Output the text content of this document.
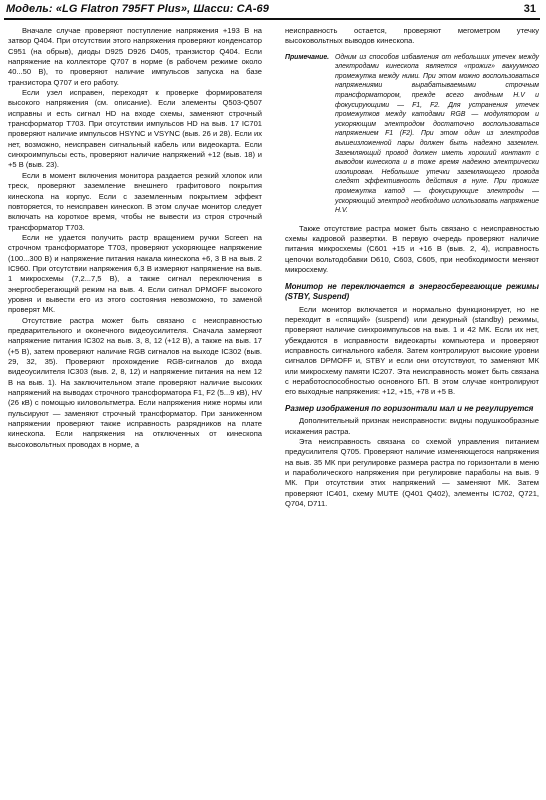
Модель: «LG Flatron 795FT Plus», Шасси: CA-69	31

Вначале случае проверяют поступление напряжения +193 В на затвор Q404. При отсутствии этого напряжения проверяют конденсатор C951 (на обрыв), диоды D925 D926 D405, транзистор Q404. Если напряжение на коллекторе Q707 в норме (в рабочем режиме около 40...50 В), то проверяют наличие импульсов запуска на базе транзистора Q707 и его работу.

Если узел исправен, переходят к проверке формирователя высокого напряжения (см. описание). Если элементы Q503-Q507 исправны и есть сигнал HD на входе схемы, заменяют строчный трансформатор T703. При отсутствии импульсов HD на выв. 17 IC701 проверяют наличие импульсов HSYNC и VSYNC (выв. 26 и 28). Если их нет, возможно, неисправен сигнальный кабель или видеокарта. Если синхроимпульсы есть, проверяют наличие напряжений +12 (выв. 18) и +5 В (выв. 23).

Если в момент включения монитора раздается резкий хлопок или треск, проверяют заземление внешнего графитового покрытия кинескопа на корпус. Если с заземленным покрытием эффект повторяется, то неисправен кинескоп. В этом случае монитор следует включать на короткое время, чтобы не вывести из строя строчный трансформатор T703.

Если не удается получить растр вращением ручки Screen на строчном трансформаторе T703, проверяют ускоряющее напряжение (100...300 В) и напряжение питания накала кинескопа +6, 3 В на выв. 2 IC960. При отсутствии напряжения 6,3 В измеряют напряжение на выв. 1 микросхемы (7,2...7,5 В), а также сигнал переключения в энергосберегающий режим на выв. 4. Если сигнал DPMOFF высокого уровня и вывести его из этого состояния невозможно, то заменой проверят МК.

Отсутствие растра может быть связано с неисправностью предварительного и оконечного видеоусилителя. Сначала замеряют напряжение питания IC302 на выв. 3, 8, 12 (+12 В), а также на выв. 17 (+5 В), затем проверяют наличие RGB сигналов на выходе IC302 (выв. 29, 32, 35). Проверяют прохождение RGB-сигналов до входа видеоусилителя IC303 (выв. 2, 8, 12) и напряжение питания на нем 12 В на выв. 1). На заключительном этапе проверяют наличие высоких напряжений на выводах строчного трансформатора F1, F2 (5...9 кВ), HV (26 кВ) с помощью киловольтметра. Если напряжения ниже нормы или пульсируют — заменяют строчный трансформатор. При заниженном напряжении проверяют также исправность разрядников на плате кинескопа. Если напряжения на отключенных от кинескопа высоковольтных проводах в норме, а

неисправность остается, проверяют мегометром утечку высоковольтных выводов кинескопа.

Примечание. Одним из способов избавления от небольших утечек между электродами кинескопа является «прожиг» вакуумного промежутка между ними. При этом можно воспользоваться напряжениями вырабатываемыми строчным трансформатором, прежде всего анодным H.V и фокусирующими — F1, F2. Для устранения утечек промежутков между катодами RGB — модулятором и ускоряющим электродом достаточно воспользоваться напряжением F1 (F2). При этом один из электродов вышеизложенной пары должен быть надежно заземлен. Заземляющий провод должен иметь хороший контакт с выводом кинескопа и в тоже время надежно электрически изолирован. Небольшие утечки заземляющего провода следят эффективность действия в нуле. При прожиге промежутка катод — фокусирующие электроды — ускоряющий электрод необходимо использовать напряжение H.V.

Также отсутствие растра может быть связано с неисправностью схемы кадровой развертки. В первую очередь проверяют наличие питания микросхемы (C601 +15 и +16 В (выв. 2, 4), исправность цепочки вольтодобавки D610, C603, C605, при необходимости меняют микросхему.

Монитор не переключается в энергосберегающие режимы (STBY, Suspend)

Если монитор включается и нормально функционирует, но не переходит в «спящий» (suspend) или дежурный (standby) режимы, проверяют наличие синхроимпульсов на выв. 1 и 42 МК. Если их нет, убеждаются в исправности видеокарты компьютера и проверяют исправность сигнального кабеля. Затем контролируют высокие уровни сигналов DPMOFF и, STBY и если они отсутствуют, то заменяют МК или микросхему памяти IC207. Эта неисправность может быть связана с неработоспособностью основного БП. В этом случае контролируют его выходные напряжения: +12, +15, +78 и +5 В.

Размер изображения по горизонтали мал и не регулируется

Дополнительный признак неисправности: видны подушкообразные искажения растра.

Эта неисправность связана со схемой управления питанием предусилителя Q705. Проверяют наличие изменяющегося напряжения на выв. 35 МК при регулировке размера растра по горизонтали в меню и параболического напряжения при регулировке параболы на выв. 9 МК. При отсутствии этих напряжений — заменяют МК. Затем проверяют IC401, схему MUTE (Q401 Q402), элементы IC702, Q721, Q704, D711.
